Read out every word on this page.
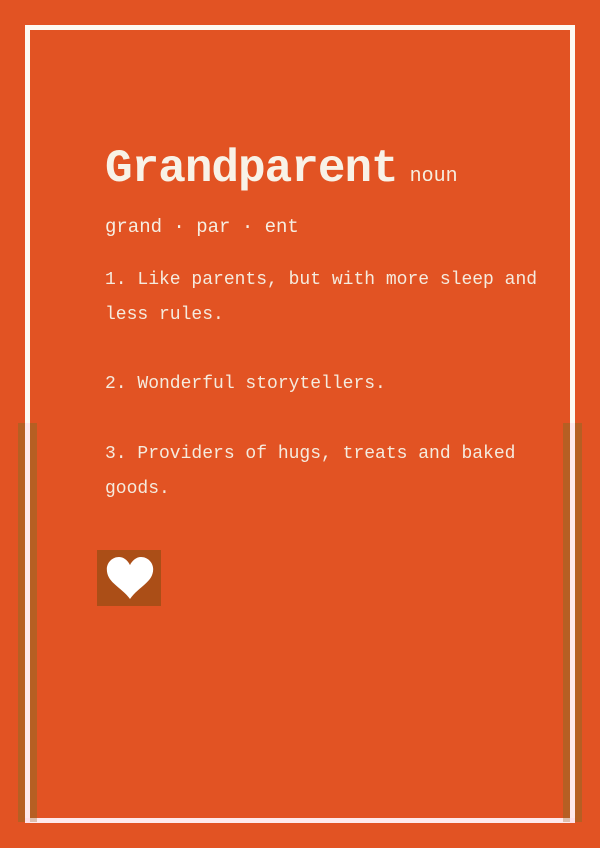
Grandparent noun
grand · par · ent

1. Like parents, but with more sleep and less rules.

2. Wonderful storytellers.

3. Providers of hugs, treats and baked goods.
